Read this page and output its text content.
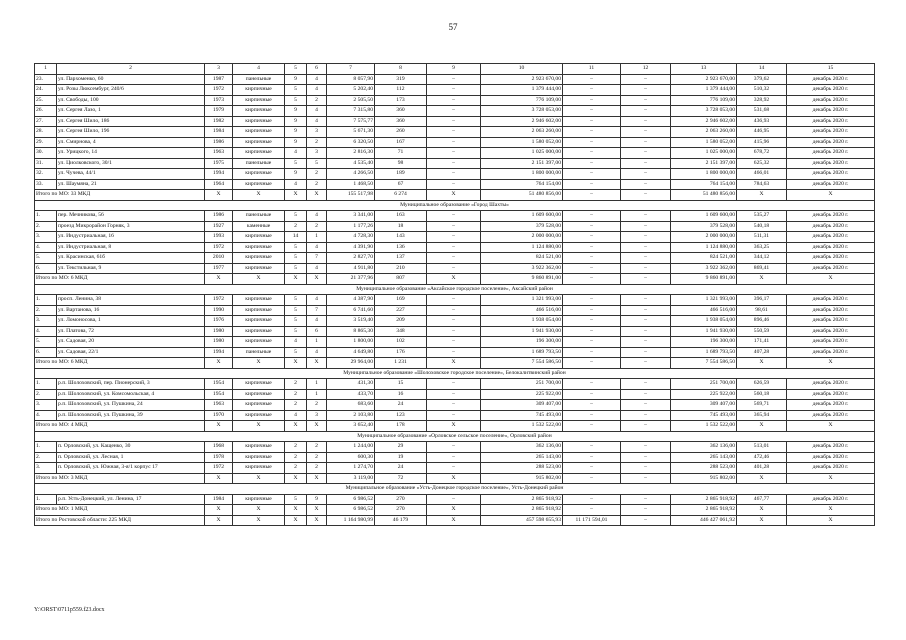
57
1	2	3	4	5	6	7	8	9	10	11	12	13	14	15
23.	ул. Пархоменко, 60	1987	панельные	9	4	8 057,90	319	–	2 923 670,00	–	–	2 923 670,00	379,62	декабрь 2020 г.
24.	ул. Розы Люксембург, 240/6	1972	кирпичные	5	4	5 202,40	112	–	1 379 444,00	–	–	1 379 444,00	510,32	декабрь 2020 г.
25.	ул. Свободы, 100	1973	кирпичные	5	2	2 505,50	173	–	776 109,00	–	–	776 109,00	328,92	декабрь 2020 г.
26.	ул. Сергея Лазо, 1	1979	кирпичные	9	4	7 315,80	360	–	3 728 053,00	–	–	3 728 053,00	531,68	декабрь 2020 г.
27.	ул. Сергея Шило, 186	1982	кирпичные	9	4	7 575,77	360	–	2 946 602,00	–	–	2 946 602,00	436,93	декабрь 2020 г.
28.	ул. Сергея Шило, 196	1984	кирпичные	9	3	5 671,30	260	–	2 063 260,00	–	–	2 063 260,00	446,95	декабрь 2020 г.
29.	ул. Смирнова, 4	1986	кирпичные	9	2	6 320,50	167	–	1 580 052,00	–	–	1 580 052,00	415,96	декабрь 2020 г.
30.	ул. Урицкого, 14	1963	кирпичные	4	3	2 816,30	71	–	1 025 000,00	–	–	1 025 000,00	678,72	декабрь 2020 г.
31.	ул. Циолковского, 30/1	1975	панельные	5	5	4 535,40	98	–	2 151 397,00	–	–	2 151 397,00	625,32	декабрь 2020 г.
32.	ул. Чучева, 44/1	1994	кирпичные	9	2	4 266,50	189	–	1 800 000,00	–	–	1 800 000,00	466,01	декабрь 2020 г.
33.	ул. Шаумяна, 21	1964	кирпичные	4	2	1 468,50	67	–	764 154,00	–	–	764 154,00	784,63	декабрь 2020 г.
Итого по МО: 33 МКД		X	X	X	X	155 517,98	6 274	X	51 480 856,00	–	–	51 480 856,00	X	X
Муниципальное образование «Город Шахты»														
1.	пер. Мечникова, 56	1986	панельные	5	4	3 341,00	163	–	1 609 600,00	–	–	1 609 600,00	535,27	декабрь 2020 г.
2.	проезд Микрорайон Горняк, 3	1927	каменные	2	2	1 177,26	18	–	379 528,00	–	–	379 528,00	540,18	декабрь 2020 г.
3.	ул. Индустриальная, 16	1993	кирпичные	14	1	4 728,30	143	–	2 000 000,00	–	–	2 000 000,00	511,31	декабрь 2020 г.
4.	ул. Индустриальная, 8	1972	кирпичные	5	4	4 391,90	136	–	1 124 880,00	–	–	1 124 880,00	363,25	декабрь 2020 г.
5.	ул. Красинская, 61б	2010	кирпичные	5	7	2 827,70	137	–	824 521,00	–	–	824 521,00	344,12	декабрь 2020 г.
6.	ул. Текстильная, 9	1977	кирпичные	5	4	4 911,80	210	–	3 922 362,00	–	–	3 922 362,00	869,41	декабрь 2020 г.
Итого по МО: 6 МКД		X	X	X	X	21 377,96	807	X	9 860 891,00	–	–	9 860 891,00	X	X
Муниципальное образование «Аксайское городское поселение», Аксайский район														
1.	просп. Ленина, 38	1972	кирпичные	5	4	4 387,90	169	–	1 321 993,00	–	–	1 321 993,00	396,17	декабрь 2020 г.
2.	ул. Вартанова, 16	1990	кирпичные	5	7	6 741,60	227	–	466 516,00	–	–	466 516,00	98,61	декабрь 2020 г.
3.	ул. Ломоносова, 1	1976	кирпичные	5	4	3 519,40	209	–	1 938 054,00	–	–	1 938 054,00	896,46	декабрь 2020 г.
4.	ул. Платова, 72	1980	кирпичные	5	6	8 865,30	348	–	1 941 930,00	–	–	1 941 930,00	550,59	декабрь 2020 г.
5.	ул. Садовая, 20	1980	кирпичные	4	1	1 800,00	102	–	196 300,00	–	–	196 300,00	171,41	декабрь 2020 г.
6.	ул. Садовая, 22/1	1994	панельные	5	4	4 649,80	176	–	1 689 793,50	–	–	1 689 793,50	407,28	декабрь 2020 г.
Итого по МО: 6 МКД		X	X	X	X	29 964,00	1 231	X	7 554 586,50	–	–	7 554 586,50	X	X
Муниципальное образование «Шолоховское городское поселение», Белокалитвинский район														
1.	р.п. Шолоховский, пер. Пионерский, 3	1954	кирпичные	2	1	431,30	15	–	251 700,00	–	–	251 700,00	626,59	декабрь 2020 г.
2.	р.п. Шолоховский, ул. Комсомольская, 4	1954	кирпичные	2	1	433,70	16	–	225 922,00	–	–	225 922,00	560,18	декабрь 2020 г.
3.	р.п. Шолоховский, ул. Пушкина, 24	1963	кирпичные	2	2	683,60	24	–	309 407,00	–	–	309 407,00	569,71	декабрь 2020 г.
4.	р.п. Шолоховский, ул. Пушкина, 39	1970	кирпичные	4	3	2 103,80	123	–	745 493,00	–	–	745 493,00	365,94	декабрь 2020 г.
Итого по МО: 4 МКД		X	X	X	X	3 652,40	178	X	1 532 522,00	–	–	1 532 522,00	X	X
Муниципальное образование «Орловское сельское поселение», Орловский район														
1.	п. Орловский, ул. Кащенко, 30	1968	кирпичные	2	2	1 244,00	29	–	362 136,00	–	–	362 136,00	513,01	декабрь 2020 г.
2.	п. Орловский, ул. Лесная, 1	1978	кирпичные	2	2	600,30	19	–	265 143,00	–	–	265 143,00	472,46	декабрь 2020 г.
3.	п. Орловский, ул. Южная, 3-я/1 корпус 17	1972	кирпичные	2	2	1 274,70	24	–	288 523,00	–	–	288 523,00	401,28	декабрь 2020 г.
Итого по МО: 3 МКД		X	X	X	X	3 119,00	72	X	915 802,00	–	–	915 802,00	X	X
Муниципальное образование «Усть-Донецкое городское поселение», Усть-Донецкий район														
1.	р.п. Усть-Донецкий, ул. Ленина, 17	1984	кирпичные	5	9	6 986,52	270	–	2 865 918,92	–	–	2 865 918,92	467,77	декабрь 2020 г.
Итого по МО: 1 МКД		X	X	X	X	6 986,52	270	X	2 865 918,92	–	–	2 865 918,92	X	X
Итого по Ростовской области: 225 МКД		X	X	X	X	1 164 980,99	46 179	X	457 598 655,93	11 171 594,01	–	446 427 061,92	X	X
Y:\ORST\0711p559.f23.docx
